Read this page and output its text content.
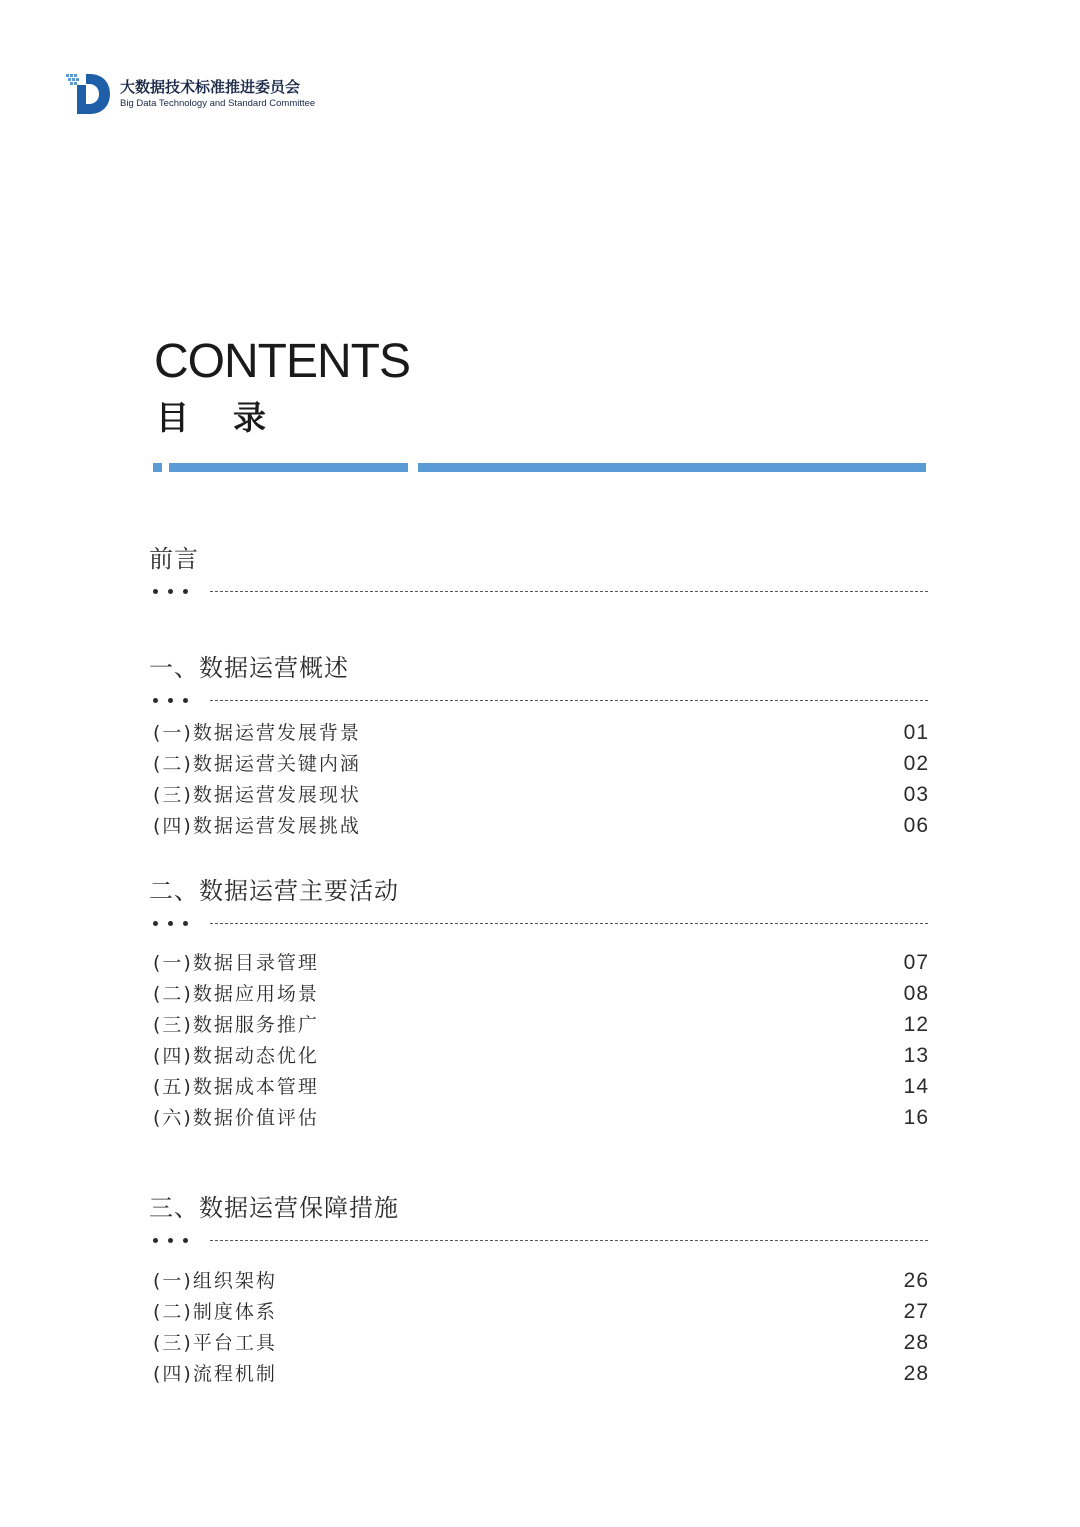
大数据技术标准推进委员会
Big Data Technology and Standard Committee
CONTENTS
目录
前言
一、数据运营概述
(一)数据运营发展背景	01
(二)数据运营关键内涵	02
(三)数据运营发展现状	03
(四)数据运营发展挑战	06
二、数据运营主要活动
(一)数据目录管理	07
(二)数据应用场景	08
(三)数据服务推广	12
(四)数据动态优化	13
(五)数据成本管理	14
(六)数据价值评估	16
三、数据运营保障措施
(一)组织架构	26
(二)制度体系	27
(三)平台工具	28
(四)流程机制	28
